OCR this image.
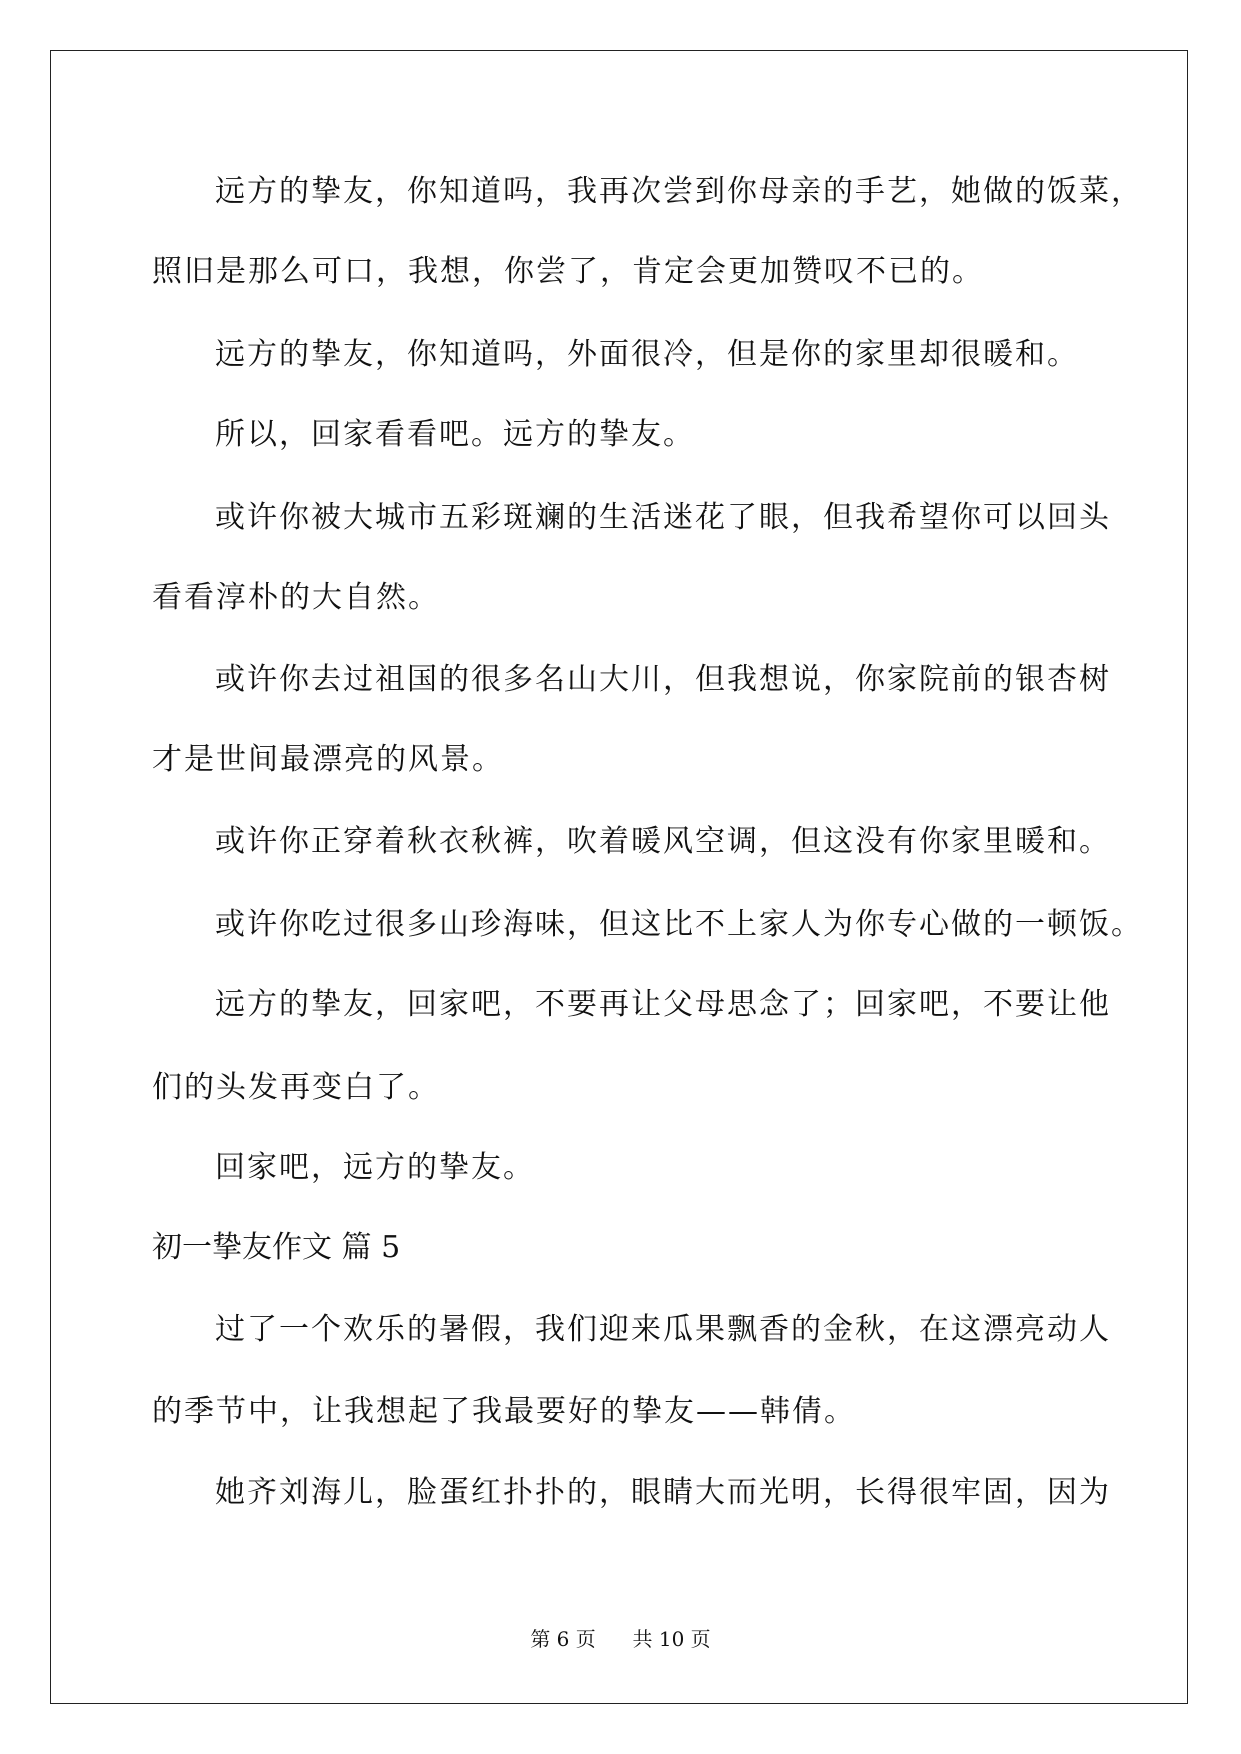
远方的挚友，你知道吗，我再次尝到你母亲的手艺，她做的饭菜，
照旧是那么可口，我想，你尝了，肯定会更加赞叹不已的。
远方的挚友，你知道吗，外面很冷，但是你的家里却很暖和。
所以，回家看看吧。远方的挚友。
或许你被大城市五彩斑斓的生活迷花了眼，但我希望你可以回头
看看淳朴的大自然。
或许你去过祖国的很多名山大川，但我想说，你家院前的银杏树
才是世间最漂亮的风景。
或许你正穿着秋衣秋裤，吹着暖风空调，但这没有你家里暖和。
或许你吃过很多山珍海味，但这比不上家人为你专心做的一顿饭。
远方的挚友，回家吧，不要再让父母思念了；回家吧，不要让他
们的头发再变白了。
回家吧，远方的挚友。
初一挚友作文 篇 5
过了一个欢乐的暑假，我们迎来瓜果飘香的金秋，在这漂亮动人
的季节中，让我想起了我最要好的挚友——韩倩。
她齐刘海儿，脸蛋红扑扑的，眼睛大而光明，长得很牢固，因为
第 6 页 共 10 页
